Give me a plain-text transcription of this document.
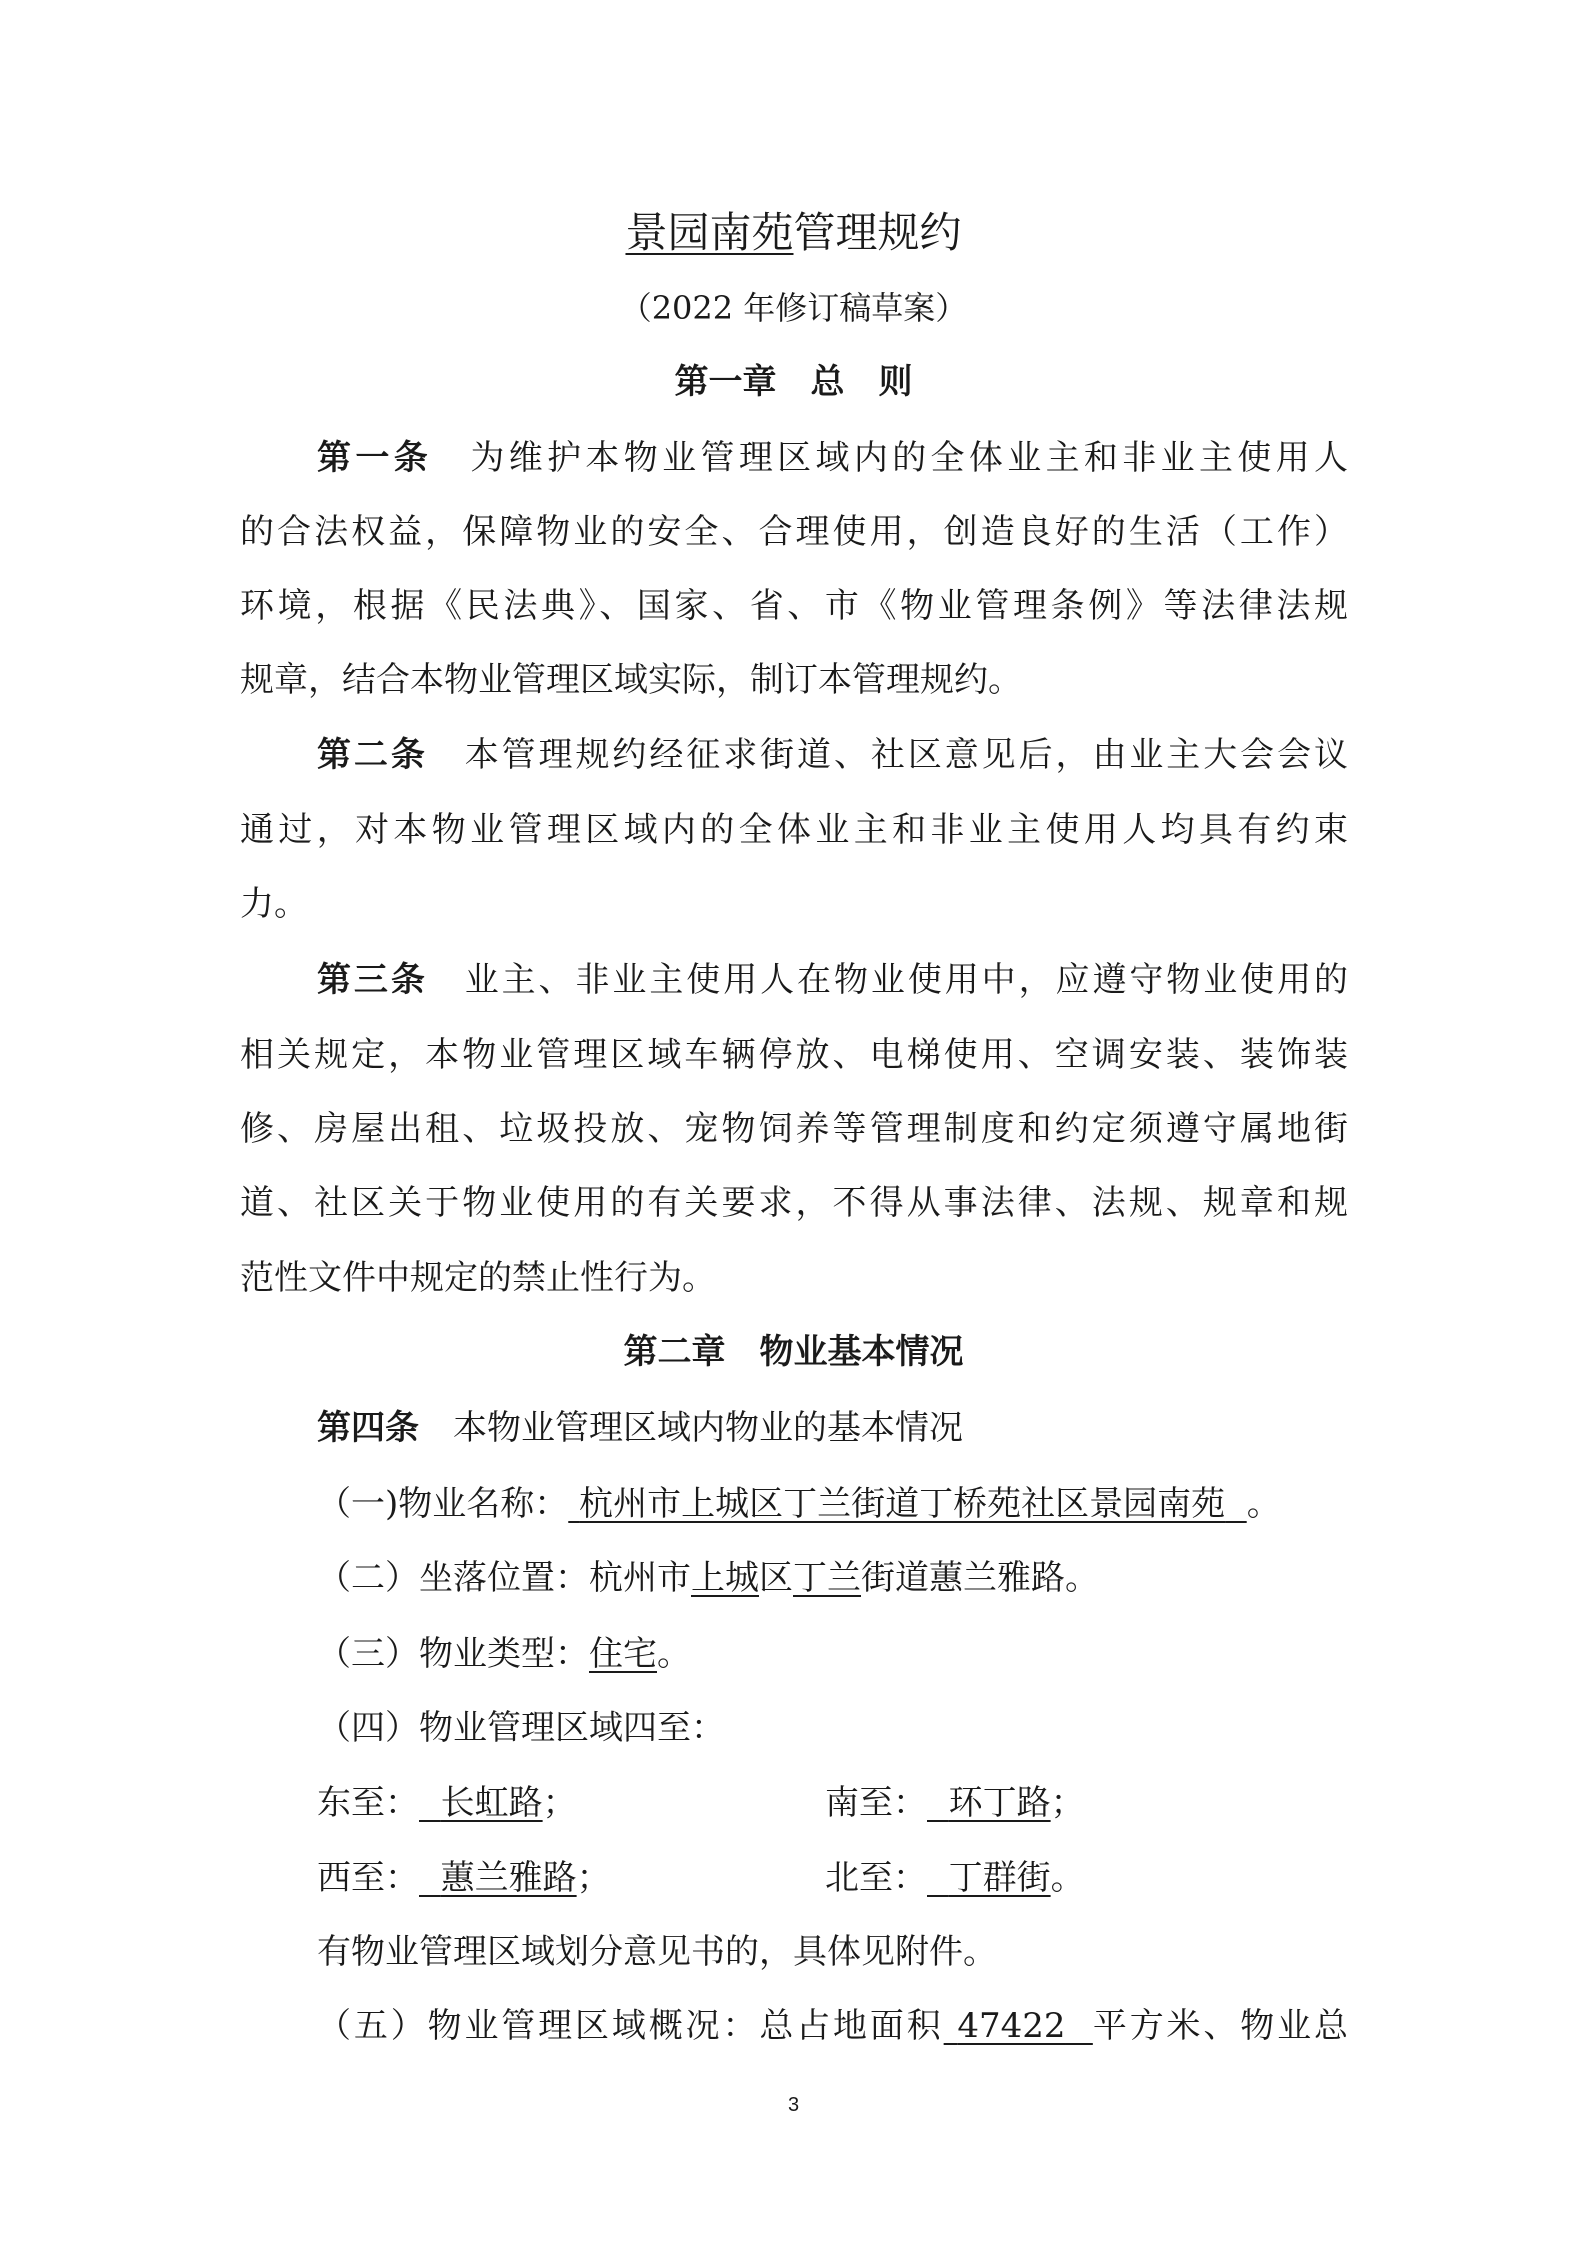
景园南苑管理规约
（2022 年修订稿草案）
第一章　总　则
第一条 为维护本物业管理区域内的全体业主和非业主使用人
的合法权益，保障物业的安全、合理使用，创造良好的生活（工作）
环境，根据《民法典》、国家、省、市《物业管理条例》等法律法规
规章，结合本物业管理区域实际，制订本管理规约。
第二条 本管理规约经征求街道、社区意见后，由业主大会会议
通过，对本物业管理区域内的全体业主和非业主使用人均具有约束
力。
第三条 业主、非业主使用人在物业使用中，应遵守物业使用的
相关规定，本物业管理区域车辆停放、电梯使用、空调安装、装饰装
修、房屋出租、垃圾投放、宠物饲养等管理制度和约定须遵守属地街
道、社区关于物业使用的有关要求，不得从事法律、法规、规章和规
范性文件中规定的禁止性行为。
第二章　物业基本情况
第四条 本物业管理区域内物业的基本情况
（一)物业名称： 杭州市上城区丁兰街道丁桥苑社区景园南苑 。
（二）坐落位置：杭州市上城区丁兰街道蕙兰雅路。
（三）物业类型：住宅。
（四）物业管理区域四至：
东至： 长虹路；	南至： 环丁路；
西至： 蕙兰雅路；	北至： 丁群街。
有物业管理区域划分意见书的，具体见附件。
（五）物业管理区域概况：总占地面积 47422 平方米、物业总
3
